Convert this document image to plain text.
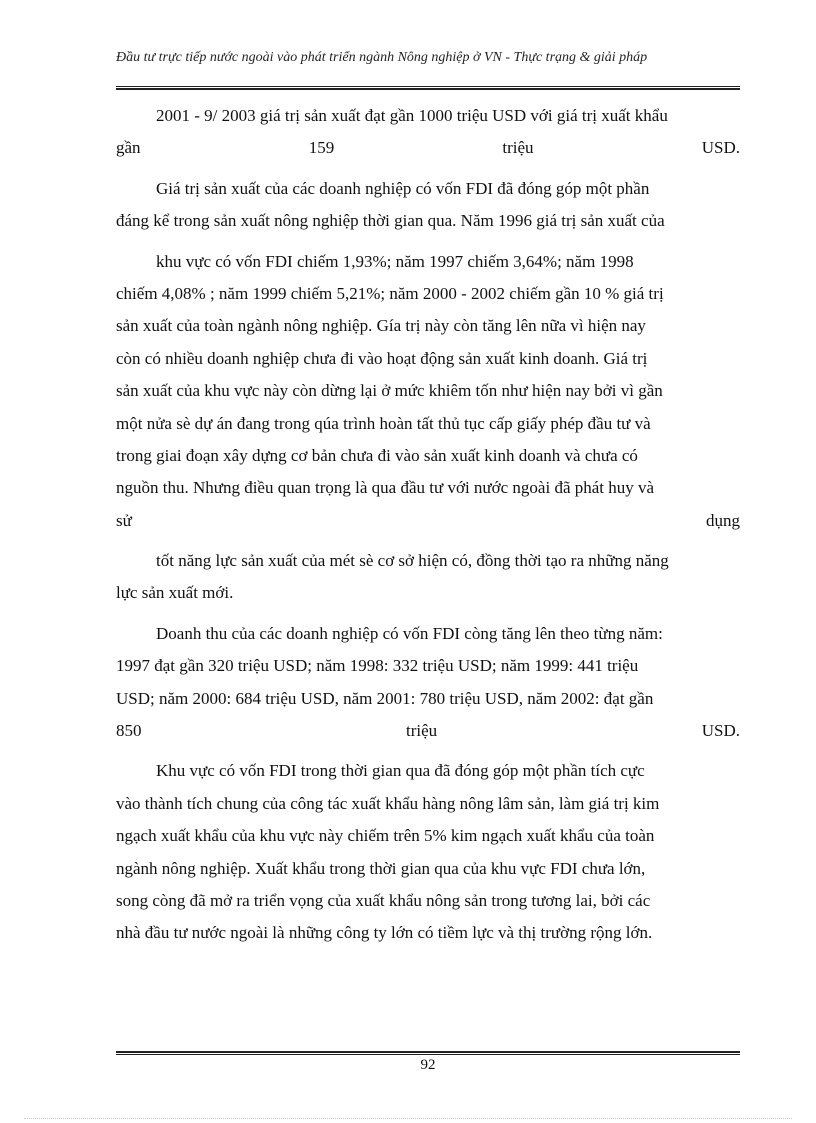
Đầu tư trực tiếp nước ngoài vào phát triển ngành Nông nghiệp ở VN - Thực trạng & giải pháp
2001 - 9/ 2003 giá trị sản xuất đạt gần 1000 triệu USD với giá trị xuất khẩu
gần	159	triệu	USD.
Giá trị sản xuất của các doanh nghiệp có vốn FDI đã đóng góp một phần
đáng kể trong sản xuất nông nghiệp thời gian qua. Năm 1996 giá trị sản xuất của
khu vực có vốn FDI chiếm 1,93%; năm 1997 chiếm 3,64%; năm 1998
chiếm 4,08% ; năm 1999 chiếm 5,21%; năm 2000 - 2002 chiếm gần 10 % giá trị
sản xuất của toàn ngành nông nghiệp. Gía trị này còn tăng lên nữa vì hiện nay
còn có nhiều doanh nghiệp chưa đi vào hoạt động sản xuất kinh doanh. Giá trị
sản xuất của khu vực này còn dừng lại ở mức khiêm tốn như hiện nay bởi vì gần
một nửa sè dự án đang trong qúa trình hoàn tất thủ tục cấp giấy phép đầu tư và
trong giai đoạn xây dựng cơ bản chưa đi vào sản xuất kinh doanh và chưa có
nguồn thu. Nhưng điều quan trọng là qua đầu tư với nước ngoài đã phát huy và
sử	dụng
tốt năng lực sản xuất của mét sè cơ sở hiện có, đồng thời tạo ra những năng
lực sản xuất mới.
Doanh thu của các doanh nghiệp có vốn FDI còng tăng lên theo từng năm:
1997 đạt gần 320 triệu USD; năm 1998: 332 triệu USD; năm 1999: 441 triệu
USD; năm 2000: 684 triệu USD, năm 2001: 780 triệu USD, năm 2002: đạt gần
850	triệu	USD.
Khu vực có vốn FDI trong thời gian qua đã đóng góp một phần tích cực
vào thành tích chung của công tác xuất khẩu hàng nông lâm sản, làm giá trị kim
ngạch xuất khẩu của khu vực này chiếm trên 5% kim ngạch xuất khẩu của toàn
ngành nông nghiệp. Xuất khẩu trong thời gian qua của khu vực FDI chưa lớn,
song còng đã mở ra triển vọng của xuất khẩu nông sản trong tương lai, bởi các
nhà đầu tư nước ngoài là những công ty lớn có tiềm lực và thị trường rộng lớn.
92
